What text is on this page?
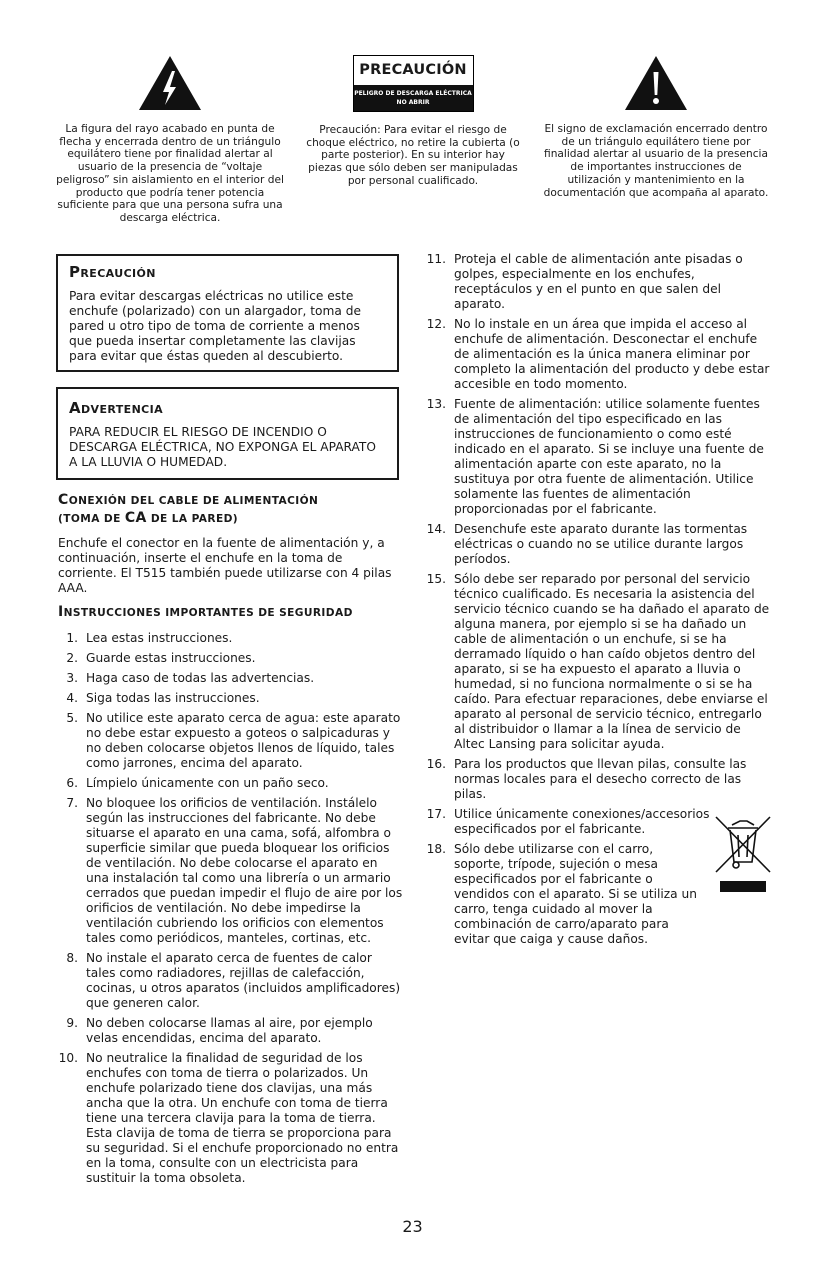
La figura del rayo acabado en punta de flecha y encerrada dentro de un triángulo equilátero tiene por finalidad alertar al usuario de la presencia de “voltaje peligroso” sin aislamiento en el interior del producto que podría tener potencia suficiente para que una persona sufra una descarga eléctrica.

PRECAUCIÓN
PELIGRO DE DESCARGA ELÉCTRICA
NO ABRIR

Precaución: Para evitar el riesgo de choque eléctrico, no retire la cubierta (o parte posterior). En su interior hay piezas que sólo deben ser manipuladas por personal cualificado.

El signo de exclamación encerrado dentro de un triángulo equilátero tiene por finalidad alertar al usuario de la presencia de importantes instrucciones de utilización y mantenimiento en la documentación que acompaña al aparato.

PRECAUCIÓN

Para evitar descargas eléctricas no utilice este enchufe (polarizado) con un alargador, toma de pared u otro tipo de toma de corriente a menos que pueda insertar completamente las clavijas para evitar que éstas queden al descubierto.

ADVERTENCIA

PARA REDUCIR EL RIESGO DE INCENDIO O DESCARGA ELÉCTRICA, NO EXPONGA EL APARATO A LA LLUVIA O HUMEDAD.

CONEXIÓN DEL CABLE DE ALIMENTACIÓN
(TOMA DE CA DE LA PARED)

Enchufe el conector en la fuente de alimentación y, a continuación, inserte el enchufe en la toma de corriente. El T515 también puede utilizarse con 4 pilas AAA.

INSTRUCCIONES IMPORTANTES DE SEGURIDAD
1. Lea estas instrucciones.
2. Guarde estas instrucciones.
3. Haga caso de todas las advertencias.
4. Siga todas las instrucciones.
5. No utilice este aparato cerca de agua: este aparato no debe estar expuesto a goteos o salpicaduras y no deben colocarse objetos llenos de líquido, tales como jarrones, encima del aparato.
6. Límpielo únicamente con un paño seco.
7. No bloquee los orificios de ventilación. Instálelo según las instrucciones del fabricante. No debe situarse el aparato en una cama, sofá, alfombra o superficie similar que pueda bloquear los orificios de ventilación. No debe colocarse el aparato en una instalación tal como una librería o un armario cerrados que puedan impedir el flujo de aire por los orificios de ventilación. No debe impedirse la ventilación cubriendo los orificios con elementos tales como periódicos, manteles, cortinas, etc.
8. No instale el aparato cerca de fuentes de calor tales como radiadores, rejillas de calefacción, cocinas, u otros aparatos (incluidos amplificadores) que generen calor.
9. No deben colocarse llamas al aire, por ejemplo velas encendidas, encima del aparato.
10. No neutralice la finalidad de seguridad de los enchufes con toma de tierra o polarizados. Un enchufe polarizado tiene dos clavijas, una más ancha que la otra. Un enchufe con toma de tierra tiene una tercera clavija para la toma de tierra. Esta clavija de toma de tierra se proporciona para su seguridad. Si el enchufe proporcionado no entra en la toma, consulte con un electricista para sustituir la toma obsoleta.
11. Proteja el cable de alimentación ante pisadas o golpes, especialmente en los enchufes, receptáculos y en el punto en que salen del aparato.
12. No lo instale en un área que impida el acceso al enchufe de alimentación. Desconectar el enchufe de alimentación es la única manera eliminar por completo la alimentación del producto y debe estar accesible en todo momento.
13. Fuente de alimentación: utilice solamente fuentes de alimentación del tipo especificado en las instrucciones de funcionamiento o como esté indicado en el aparato. Si se incluye una fuente de alimentación aparte con este aparato, no la sustituya por otra fuente de alimentación. Utilice solamente las fuentes de alimentación proporcionadas por el fabricante.
14. Desenchufe este aparato durante las tormentas eléctricas o cuando no se utilice durante largos períodos.
15. Sólo debe ser reparado por personal del servicio técnico cualificado. Es necesaria la asistencia del servicio técnico cuando se ha dañado el aparato de alguna manera, por ejemplo si se ha dañado un cable de alimentación o un enchufe, si se ha derramado líquido o han caído objetos dentro del aparato, si se ha expuesto el aparato a lluvia o humedad, si no funciona normalmente o si se ha caído. Para efectuar reparaciones, debe enviarse el aparato al personal de servicio técnico, entregarlo al distribuidor o llamar a la línea de servicio de Altec Lansing para solicitar ayuda.
16. Para los productos que llevan pilas, consulte las normas locales para el desecho correcto de las pilas.
17. Utilice únicamente conexiones/accesorios especificados por el fabricante.
18. Sólo debe utilizarse con el carro, soporte, trípode, sujeción o mesa especificados por el fabricante o vendidos con el aparato. Si se utiliza un carro, tenga cuidado al mover la combinación de carro/aparato para evitar que caiga y cause daños.
23
